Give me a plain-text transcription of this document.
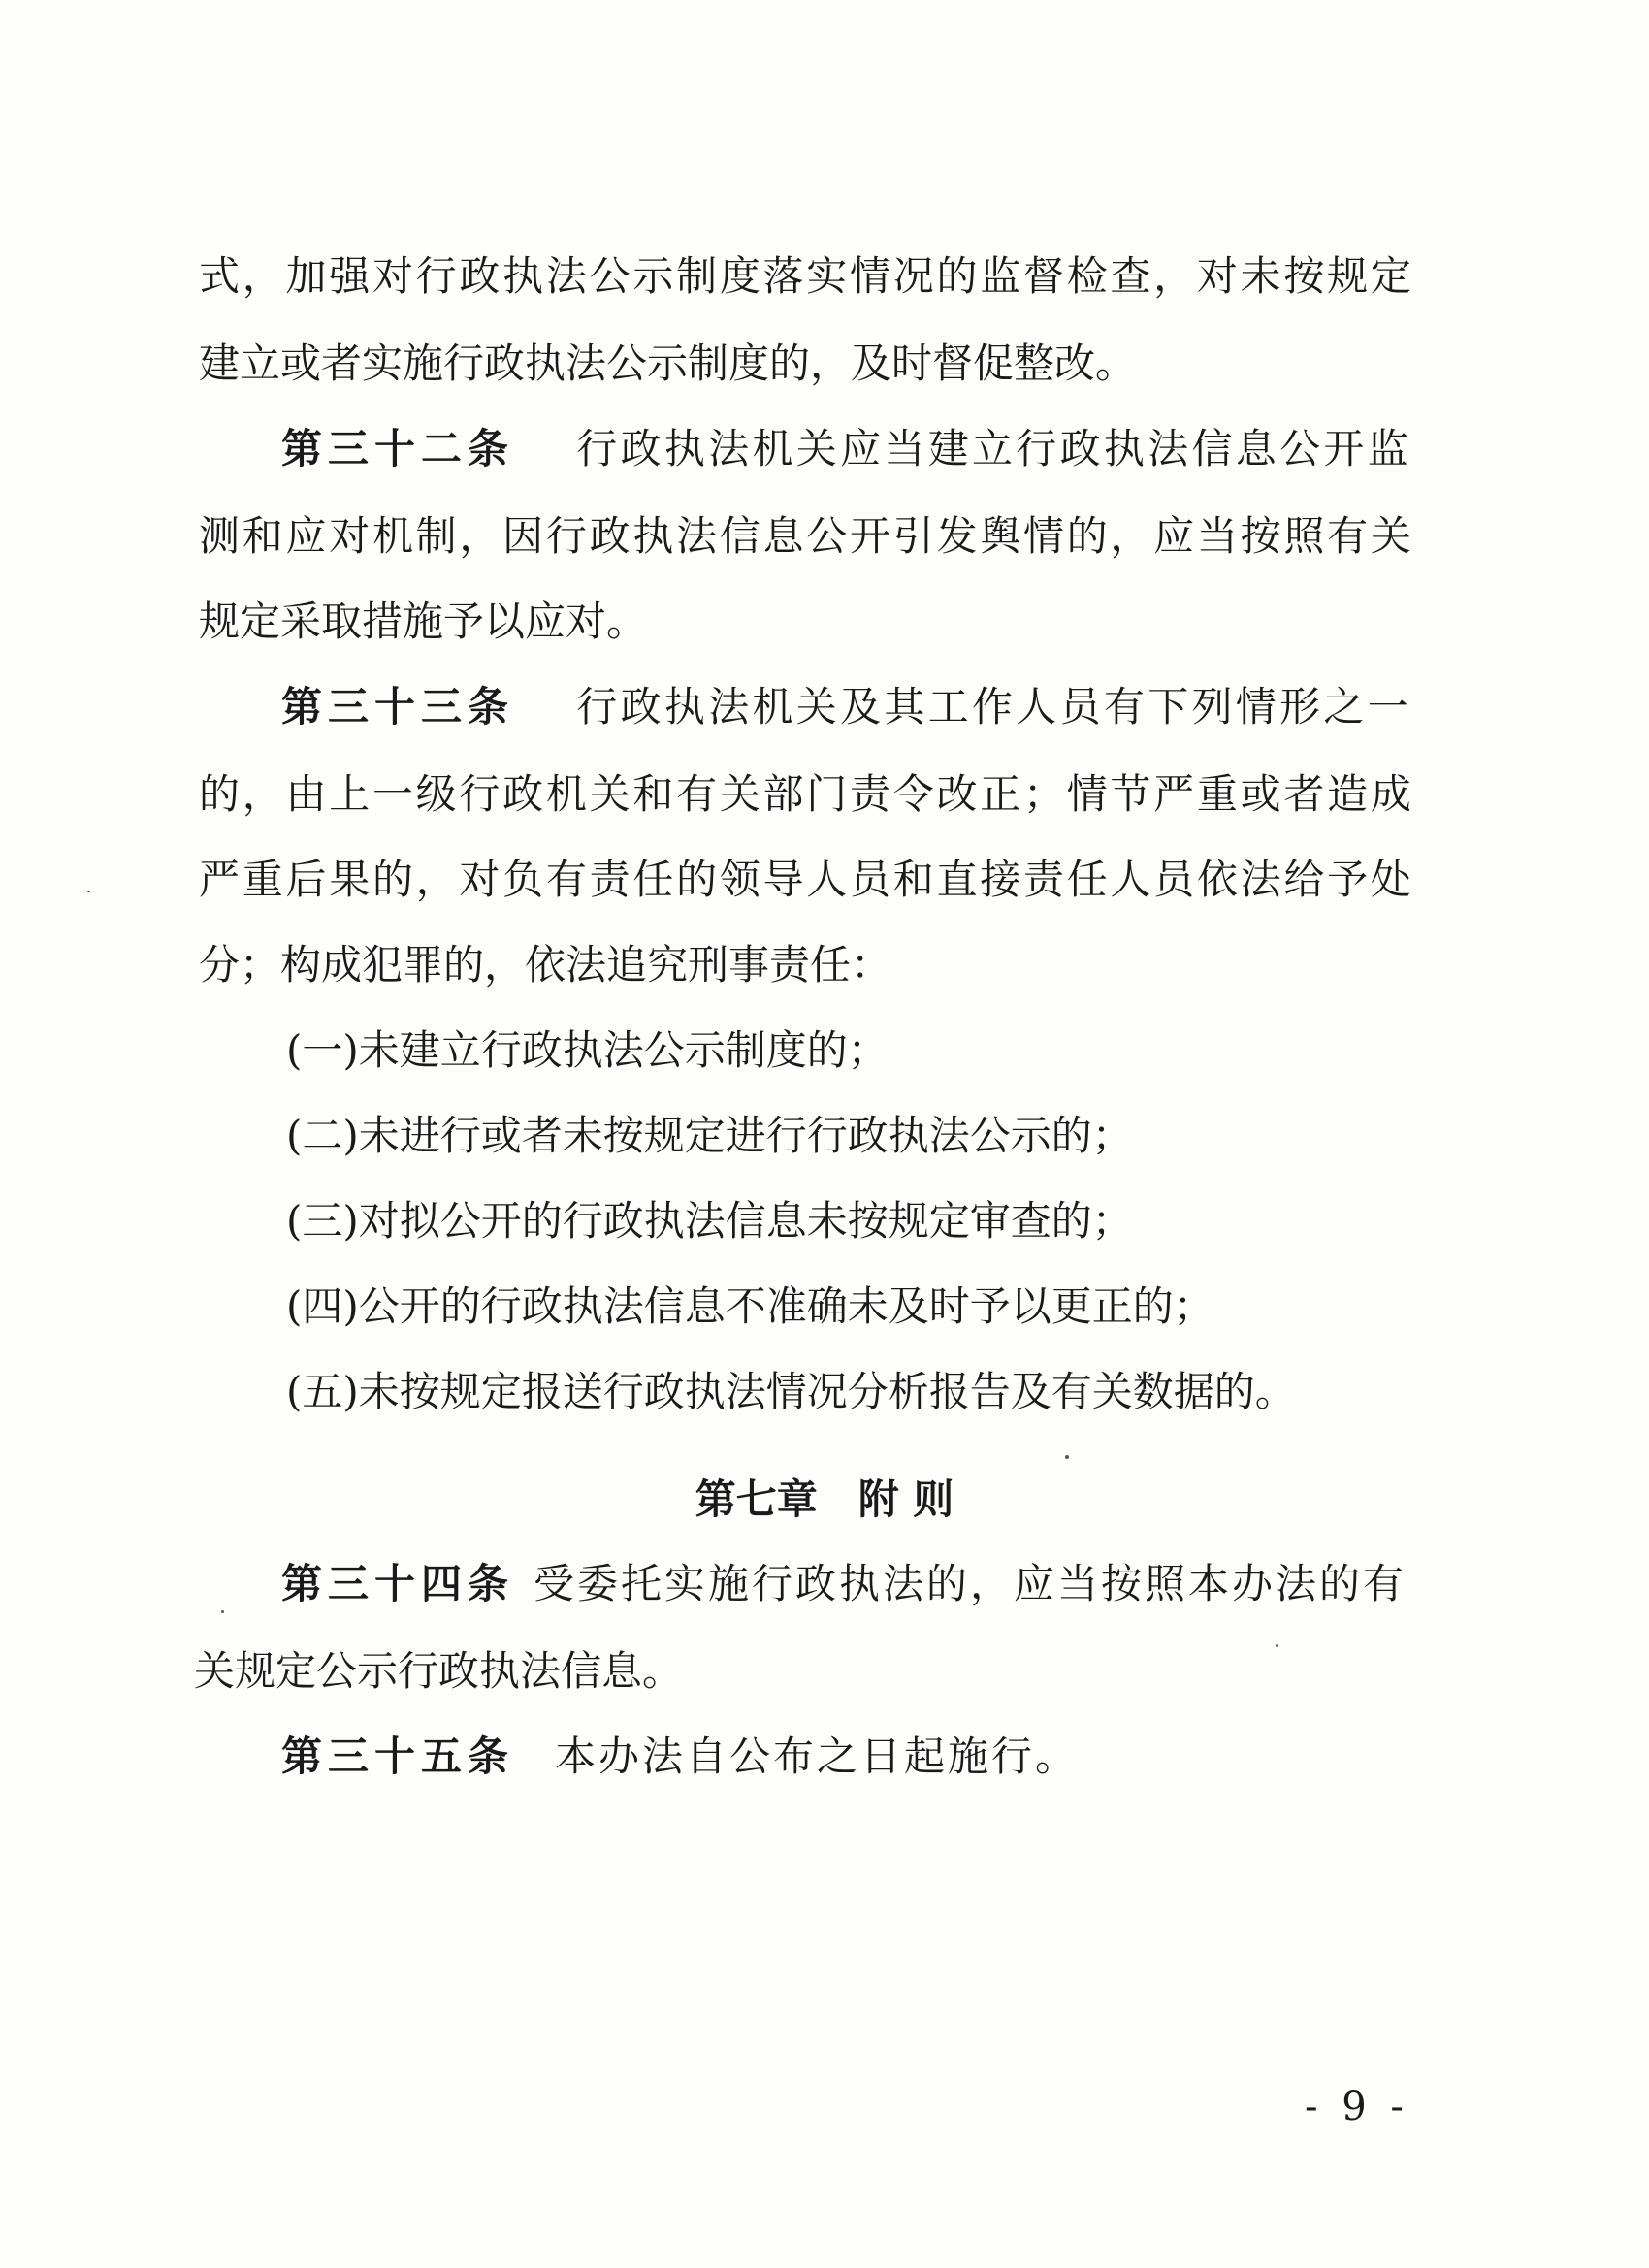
式 ， 加 强 对 行 政 执 法 公 示 制 度 落 实 情 况 的 监 督 检 查 ， 对 未 按 规 定
建立或者实施行政执法公示制度的，及时督促整改。
第三十二条 行政执法机关应当建立行政执法信息公开监
测 和 应 对 机 制 ， 因 行 政 执 法 信 息 公 开 引 发 舆 情 的 ， 应 当 按 照 有 关
规定采取措施予以应对。
第三十三条 行政执法机关及其工作人员有下列情形之一
的 ， 由 上 一 级 行 政 机 关 和 有 关 部 门 责 令 改 正 ； 情 节 严 重 或 者 造 成
严 重 后 果 的 ， 对 负 有 责 任 的 领 导 人 员 和 直 接 责 任 人 员 依 法 给 予 处
分；构成犯罪的，依法追究刑事责任：
(一)未建立行政执法公示制度的；
(二)未进行或者未按规定进行行政执法公示的；
(三)对拟公开的行政执法信息未按规定审查的；
(四)公开的行政执法信息不准确未及时予以更正的；
(五)未按规定报送行政执法情况分析报告及有关数据的。
第七章　附 则
第三十四条 受委托实施行政执法的，应当按照本办法的有
关规定公示行政执法信息。
第三十五条 本办法自公布之日起施行。
- 9 -
